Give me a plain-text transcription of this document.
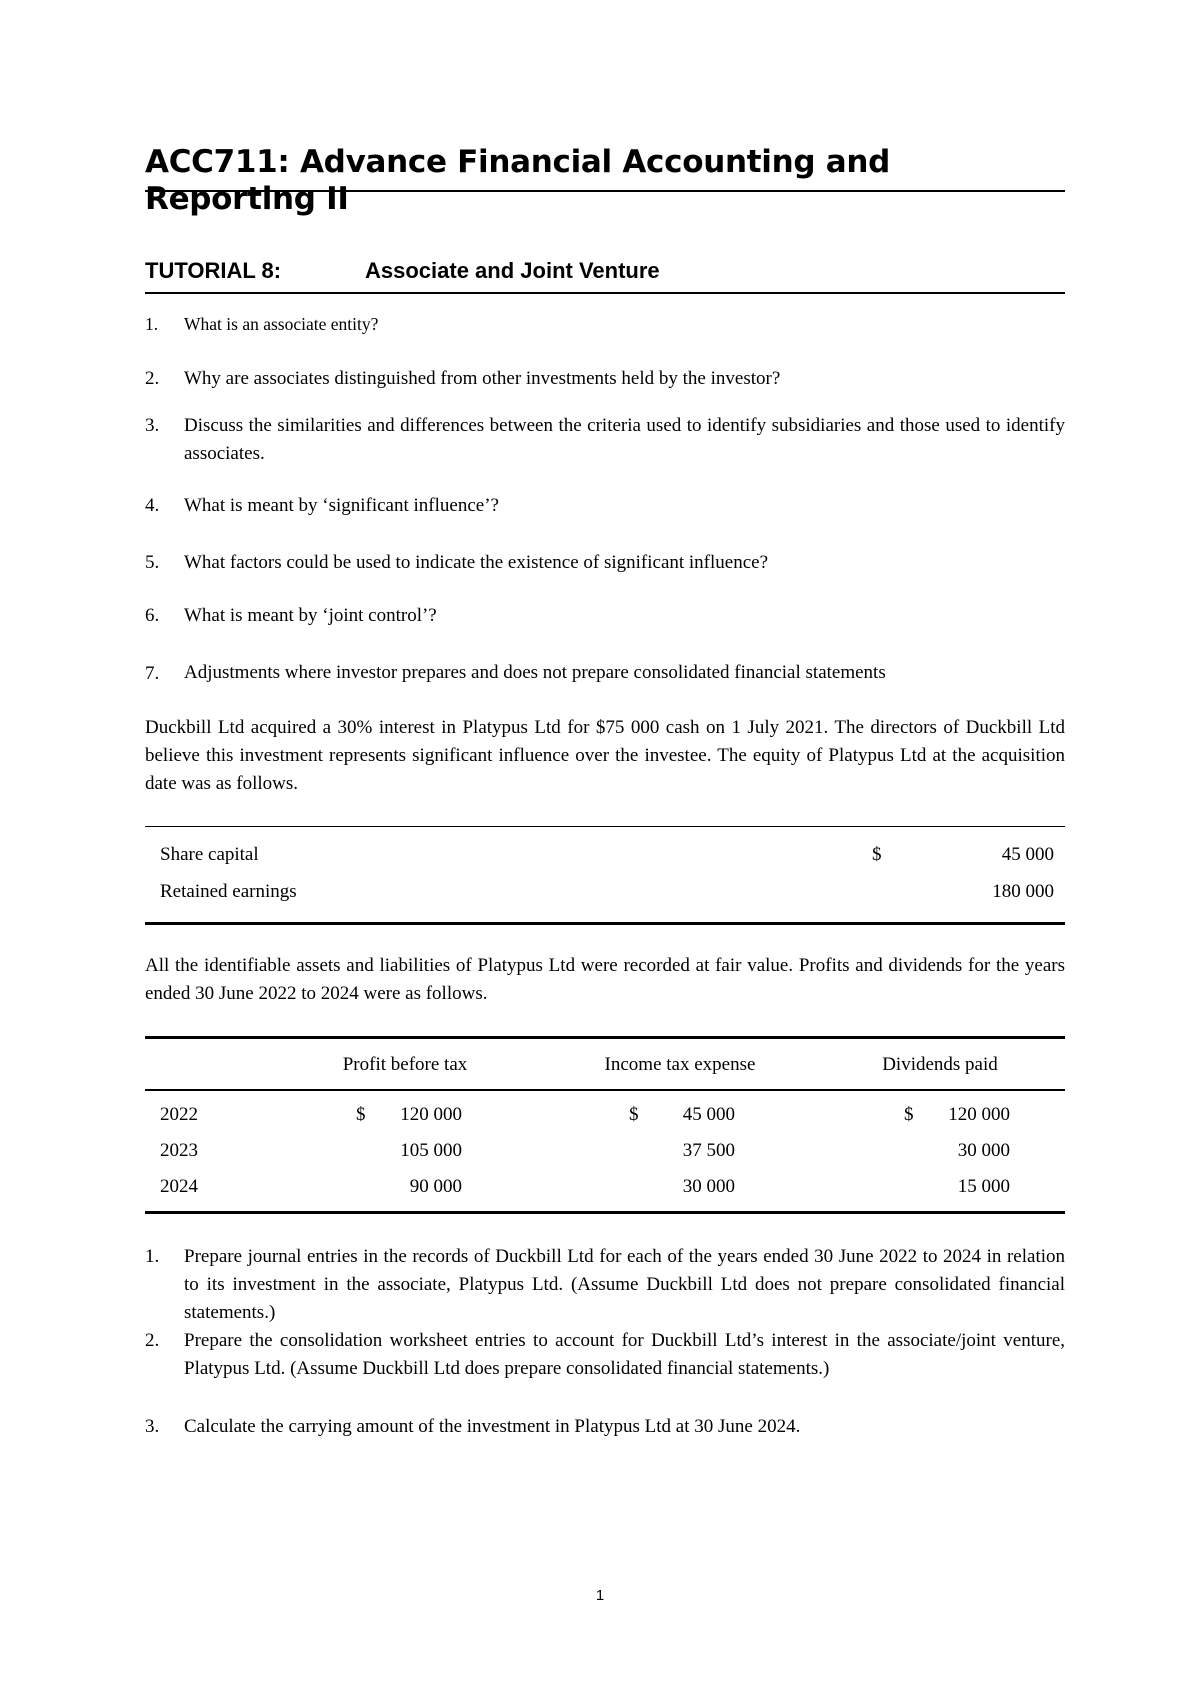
ACC711: Advance Financial Accounting and Reporting II
TUTORIAL 8:	Associate and Joint Venture
1. What is an associate entity?
2. Why are associates distinguished from other investments held by the investor?
3. Discuss the similarities and differences between the criteria used to identify subsidiaries and those used to identify associates.
4. What is meant by ‘significant influence’?
5. What factors could be used to indicate the existence of significant influence?
6. What is meant by ‘joint control’?
7. Adjustments where investor prepares and does not prepare consolidated financial statements
Duckbill Ltd acquired a 30% interest in Platypus Ltd for $75 000 cash on 1 July 2021. The directors of Duckbill Ltd believe this investment represents significant influence over the investee. The equity of Platypus Ltd at the acquisition date was as follows.
Share capital	$	45 000
Retained earnings	180 000
All the identifiable assets and liabilities of Platypus Ltd were recorded at fair value. Profits and dividends for the years ended 30 June 2022 to 2024 were as follows.
Profit before tax	Income tax expense	Dividends paid
2022	$	120 000	$	45 000	$	120 000
2023	105 000	37 500	30 000
2024	90 000	30 000	15 000
1. Prepare journal entries in the records of Duckbill Ltd for each of the years ended 30 June 2022 to 2024 in relation to its investment in the associate, Platypus Ltd. (Assume Duckbill Ltd does not prepare consolidated financial statements.)
2. Prepare the consolidation worksheet entries to account for Duckbill Ltd’s interest in the associate/joint venture, Platypus Ltd. (Assume Duckbill Ltd does prepare consolidated financial statements.)
3. Calculate the carrying amount of the investment in Platypus Ltd at 30 June 2024.
1
